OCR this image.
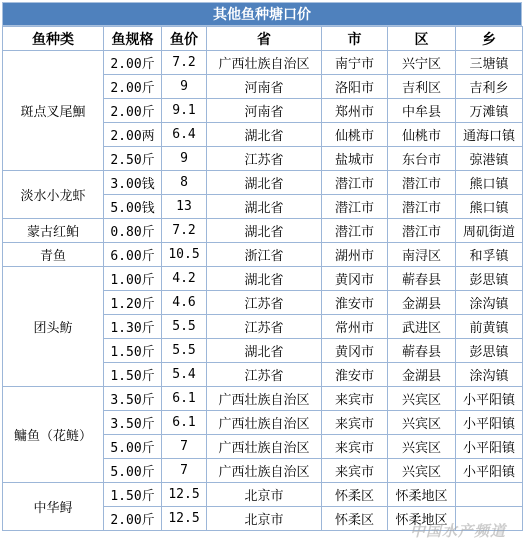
其他鱼种塘口价
鱼种类	鱼规格	鱼价	省	市	区	乡
斑点叉尾鮰	2.00斤	7.2	广西壮族自治区	南宁市	兴宁区	三塘镇
	2.00斤	9	河南省	洛阳市	吉利区	吉利乡
	2.00斤	9.1	河南省	郑州市	中牟县	万滩镇
	2.00两	6.4	湖北省	仙桃市	仙桃市	通海口镇
	2.50斤	9	江苏省	盐城市	东台市	弶港镇
淡水小龙虾	3.00钱	8	湖北省	潜江市	潜江市	熊口镇
	5.00钱	13	湖北省	潜江市	潜江市	熊口镇
蒙古红鲌	0.80斤	7.2	湖北省	潜江市	潜江市	周矶街道
青鱼	6.00斤	10.5	浙江省	湖州市	南浔区	和孚镇
团头鲂	1.00斤	4.2	湖北省	黄冈市	蕲春县	彭思镇
	1.20斤	4.6	江苏省	淮安市	金湖县	涂沟镇
	1.30斤	5.5	江苏省	常州市	武进区	前黄镇
	1.50斤	5.5	湖北省	黄冈市	蕲春县	彭思镇
	1.50斤	5.4	江苏省	淮安市	金湖县	涂沟镇
鳙鱼（花鲢）	3.50斤	6.1	广西壮族自治区	来宾市	兴宾区	小平阳镇
	3.50斤	6.1	广西壮族自治区	来宾市	兴宾区	小平阳镇
	5.00斤	7	广西壮族自治区	来宾市	兴宾区	小平阳镇
	5.00斤	7	广西壮族自治区	来宾市	兴宾区	小平阳镇
中华鲟	1.50斤	12.5	北京市	怀柔区	怀柔地区	
	2.00斤	12.5	北京市	怀柔区	怀柔地区	
中国水产频道
